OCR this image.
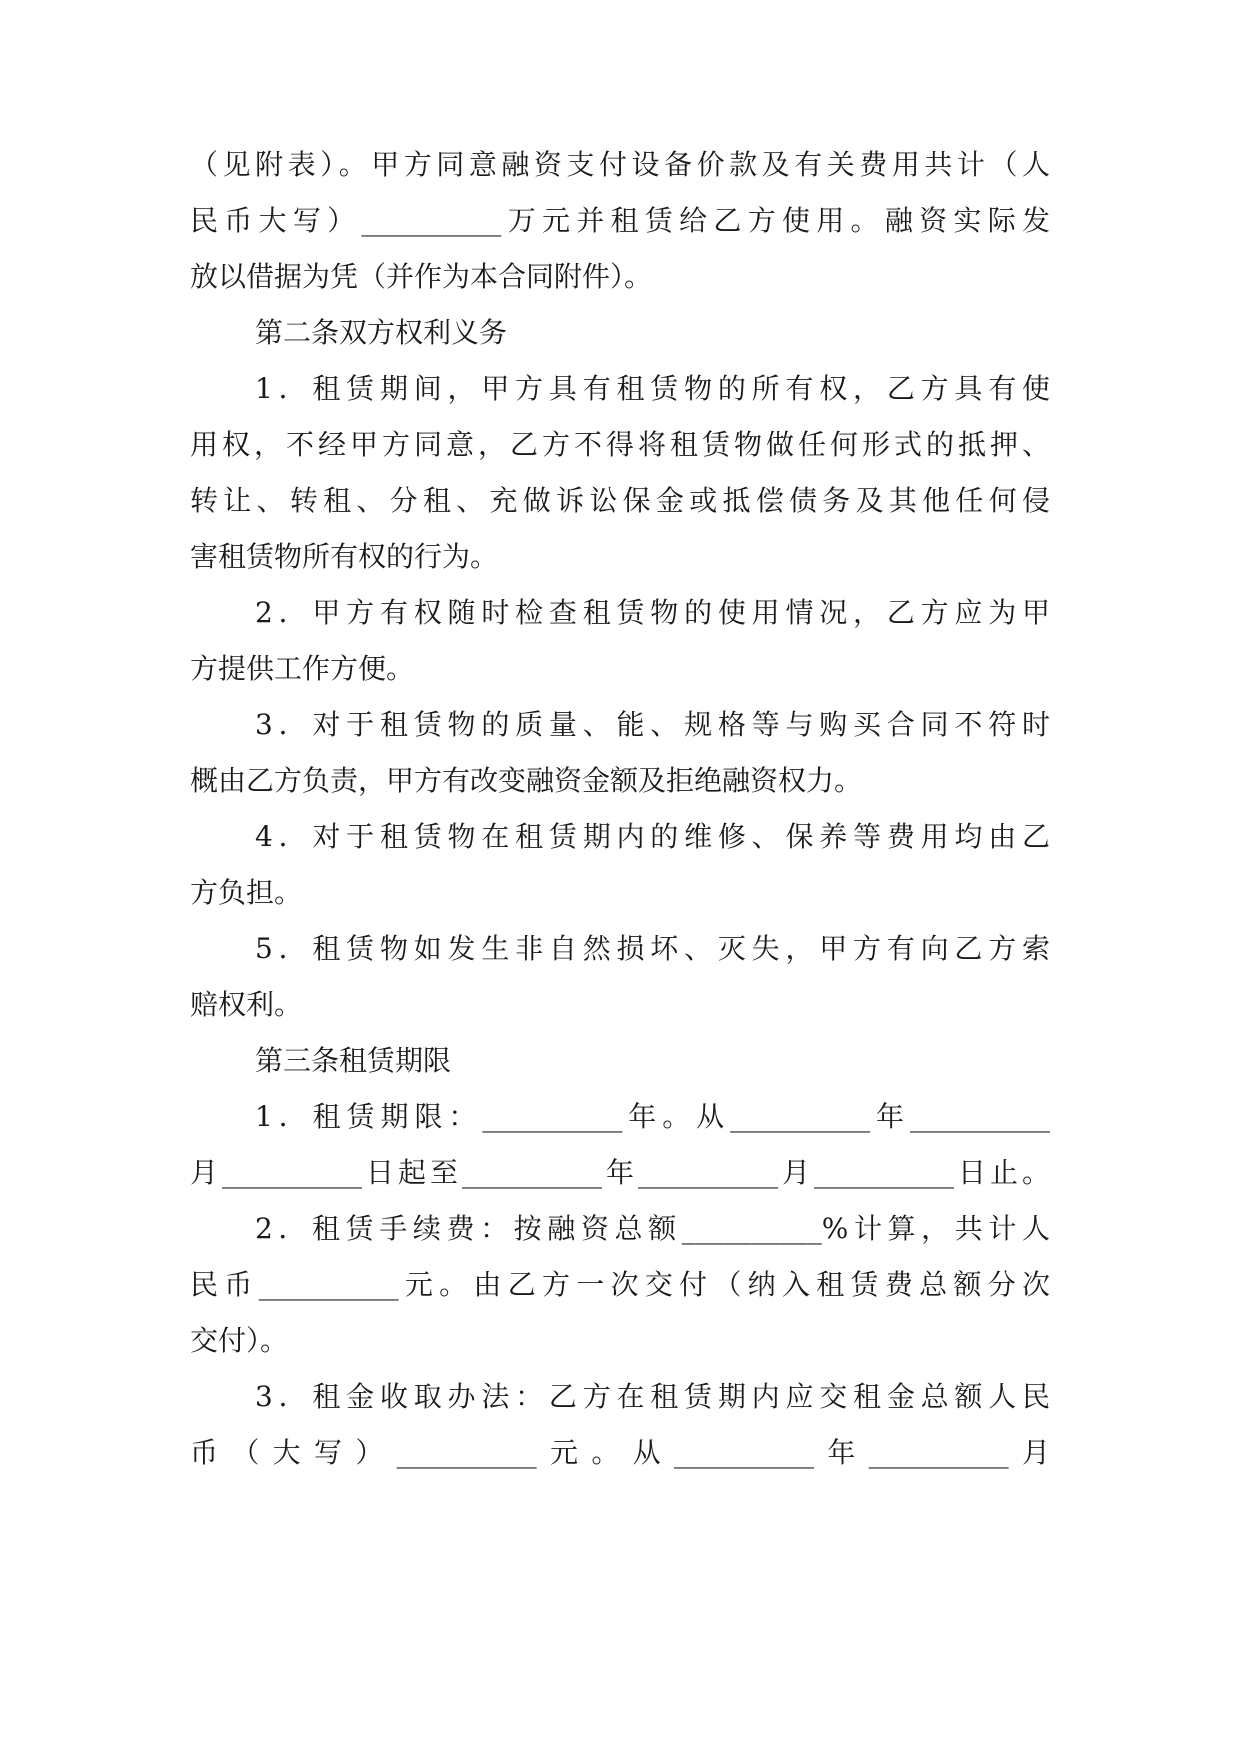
（见附表）。甲方同意融资支付设备价款及有关费用共计（人
民币大写）__________万元并租赁给乙方使用。融资实际发
放以借据为凭（并作为本合同附件）。
第二条双方权利义务
1．租赁期间，甲方具有租赁物的所有权，乙方具有使
用权，不经甲方同意，乙方不得将租赁物做任何形式的抵押、
转让、转租、分租、充做诉讼保金或抵偿债务及其他任何侵
害租赁物所有权的行为。
2．甲方有权随时检查租赁物的使用情况，乙方应为甲
方提供工作方便。
3．对于租赁物的质量、能、规格等与购买合同不符时
概由乙方负责，甲方有改变融资金额及拒绝融资权力。
4．对于租赁物在租赁期内的维修、保养等费用均由乙
方负担。
5．租赁物如发生非自然损坏、灭失，甲方有向乙方索
赔权利。
第三条租赁期限
1．租赁期限：__________年。从__________年__________
月__________日起至__________年__________月__________日止。
2．租赁手续费：按融资总额__________%计算，共计人
民币__________元。由乙方一次交付（纳入租赁费总额分次
交付）。
3．租金收取办法：乙方在租赁期内应交租金总额人民
币（大写）__________元。从__________年__________月
